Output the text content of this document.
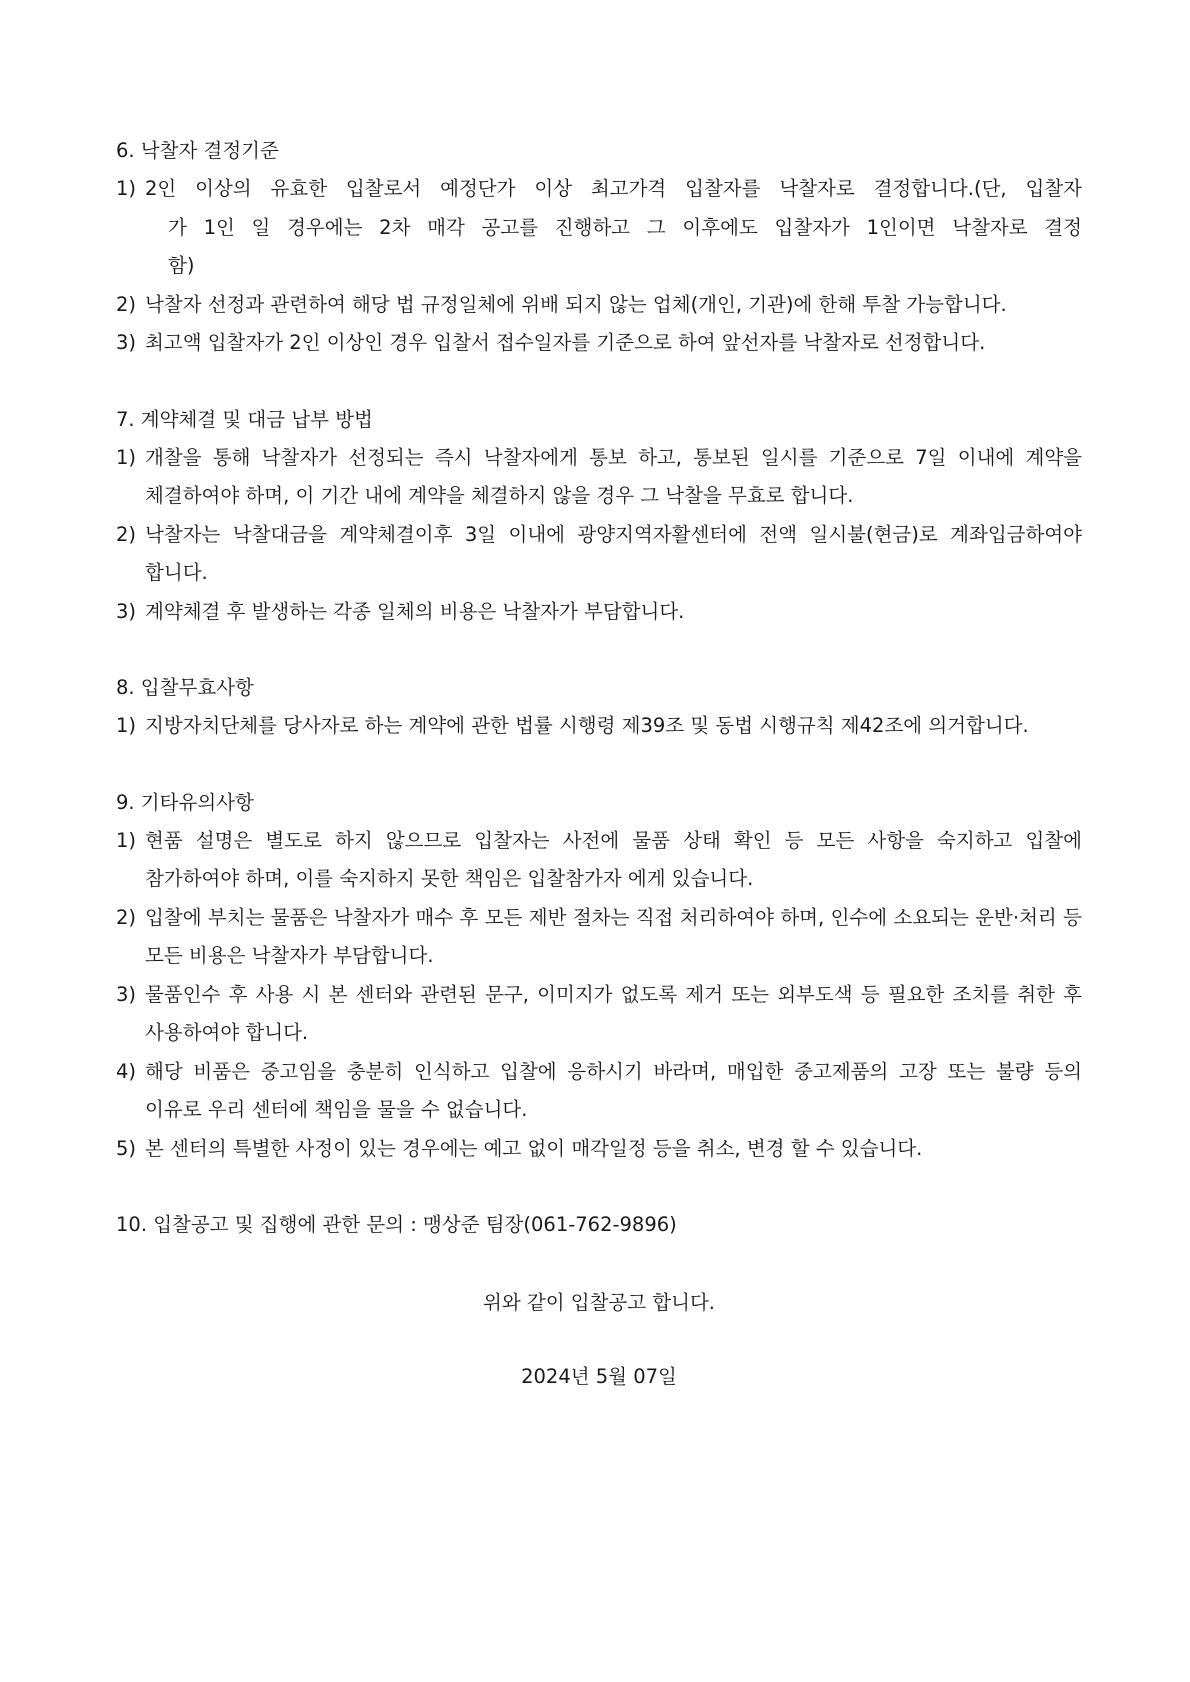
6. 낙찰자 결정기준
1) 2인 이상의 유효한 입찰로서 예정단가 이상 최고가격 입찰자를 낙찰자로 결정합니다.(단, 입찰자
가 1인 일 경우에는 2차 매각 공고를 진행하고 그 이후에도 입찰자가 1인이면 낙찰자로 결정
함)
2) 낙찰자 선정과 관련하여 해당 법 규정일체에 위배 되지 않는 업체(개인, 기관)에 한해 투찰 가능합니다.
3) 최고액 입찰자가 2인 이상인 경우 입찰서 접수일자를 기준으로 하여 앞선자를 낙찰자로 선정합니다.
7. 계약체결 및 대금 납부 방법
1) 개찰을 통해 낙찰자가 선정되는 즉시 낙찰자에게 통보 하고, 통보된 일시를 기준으로 7일 이내에 계약을 체결하여야 하며, 이 기간 내에 계약을 체결하지 않을 경우 그 낙찰을 무효로 합니다.
2) 낙찰자는 낙찰대금을 계약체결이후 3일 이내에 광양지역자활센터에 전액 일시불(현금)로 계좌입금하여야 합니다.
3) 계약체결 후 발생하는 각종 일체의 비용은 낙찰자가 부담합니다.
8. 입찰무효사항
1) 지방자치단체를 당사자로 하는 계약에 관한 법률 시행령 제39조 및 동법 시행규칙 제42조에 의거합니다.
9. 기타유의사항
1) 현품 설명은 별도로 하지 않으므로 입찰자는 사전에 물품 상태 확인 등 모든 사항을 숙지하고 입찰에 참가하여야 하며, 이를 숙지하지 못한 책임은 입찰참가자 에게 있습니다.
2) 입찰에 부치는 물품은 낙찰자가 매수 후 모든 제반 절차는 직접 처리하여야 하며, 인수에 소요되는 운반·처리 등 모든 비용은 낙찰자가 부담합니다.
3) 물품인수 후 사용 시 본 센터와 관련된 문구, 이미지가 없도록 제거 또는 외부도색 등 필요한 조치를 취한 후 사용하여야 합니다.
4) 해당 비품은 중고임을 충분히 인식하고 입찰에 응하시기 바라며, 매입한 중고제품의 고장 또는 불량 등의 이유로 우리 센터에 책임을 물을 수 없습니다.
5) 본 센터의 특별한 사정이 있는 경우에는 예고 없이 매각일정 등을 취소, 변경 할 수 있습니다.
10. 입찰공고 및 집행에 관한 문의 : 맹상준 팀장(061-762-9896)
위와 같이 입찰공고 합니다.
2024년 5월 07일
